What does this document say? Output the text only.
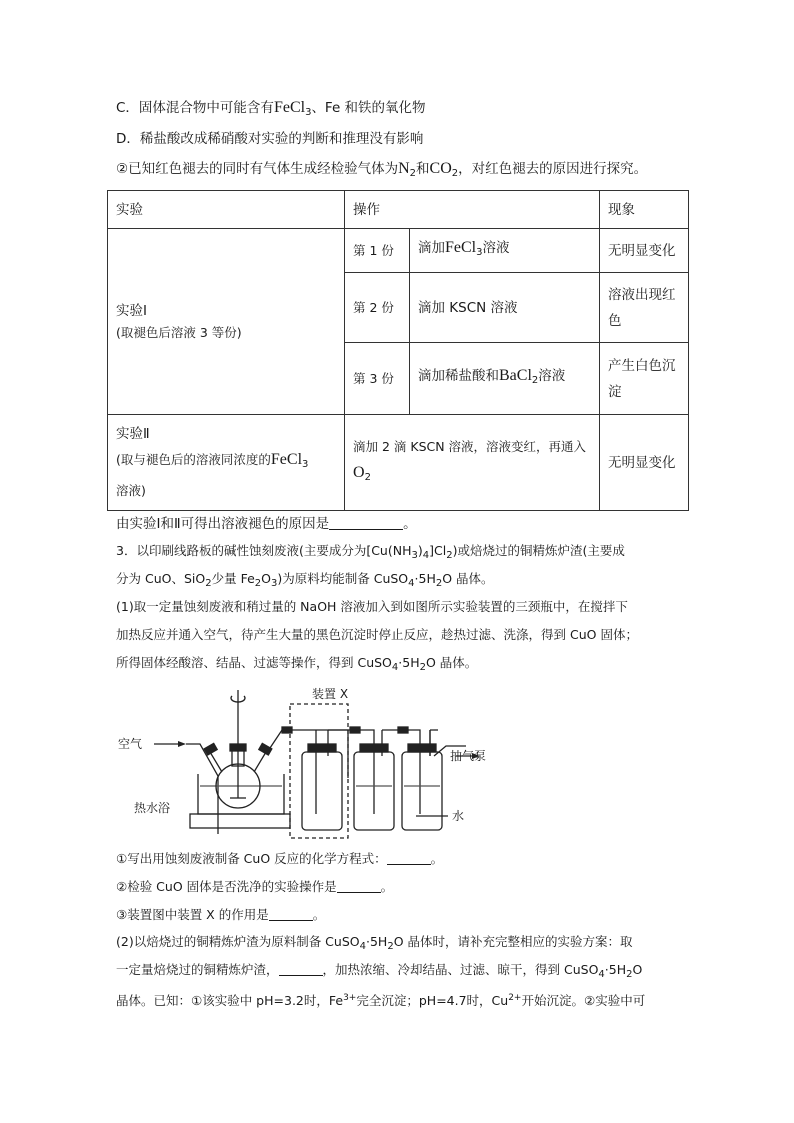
C．固体混合物中可能含有FeCl$_3$、Fe 和铁的氧化物
D．稀盐酸改成稀硝酸对实验的判断和推理没有影响
②已知红色褪去的同时有气体生成经检验气体为$N_2$和$CO_2$，对红色褪去的原因进行探究。
实验	操作		现象

实验Ⅰ
(取褪色后溶液 3 等份)	第 1 份	滴加FeCl$_3$溶液	无明显变化
	第 2 份	滴加 KSCN 溶液	溶液出现红色
	第 3 份	滴加稀盐酸和BaCl$_2$溶液	产生白色沉淀

实验Ⅱ
(取与褪色后的溶液同浓度的FeCl$_3$
溶液)	滴加 2 滴 KSCN 溶液，溶液变红，再通入$O_2$		无明显变化
由实验Ⅰ和Ⅱ可得出溶液褪色的原因是	。
3．以印刷线路板的碱性蚀刻废液(主要成分为$[Cu(NH_3)_4]Cl_2$)或焙烧过的铜精炼炉渣(主要成
分为 CuO、SiO$_2$少量 $Fe_2O_3$)为原料均能制备 $CuSO_4\cdot 5H_2O$ 晶体。
(1)取一定量蚀刻废液和稍过量的 NaOH 溶液加入到如图所示实验装置的三颈瓶中，在搅拌下
加热反应并通入空气，待产生大量的黑色沉淀时停止反应，趁热过滤、洗涤，得到 CuO 固体；
所得固体经酸溶、结晶、过滤等操作，得到 $CuSO_4\cdot 5H_2O$ 晶体。
空气
热水浴
装置 X
抽气泵
水
①写出用蚀刻废液制备 CuO 反应的化学方程式：	。
②检验 CuO 固体是否洗净的实验操作是	。
③装置图中装置 X 的作用是	。
(2)以焙烧过的铜精炼炉渣为原料制备 $CuSO_4\cdot 5H_2O$ 晶体时，请补充完整相应的实验方案：取
一定量焙烧过的铜精炼炉渣，	，加热浓缩、冷却结晶、过滤、晾干，得到 $CuSO_4\cdot 5H_2O$
晶体。已知：①该实验中 pH=3.2时，$Fe^{3+}$完全沉淀；pH=4.7时，$Cu^{2+}$开始沉淀。②实验中可
